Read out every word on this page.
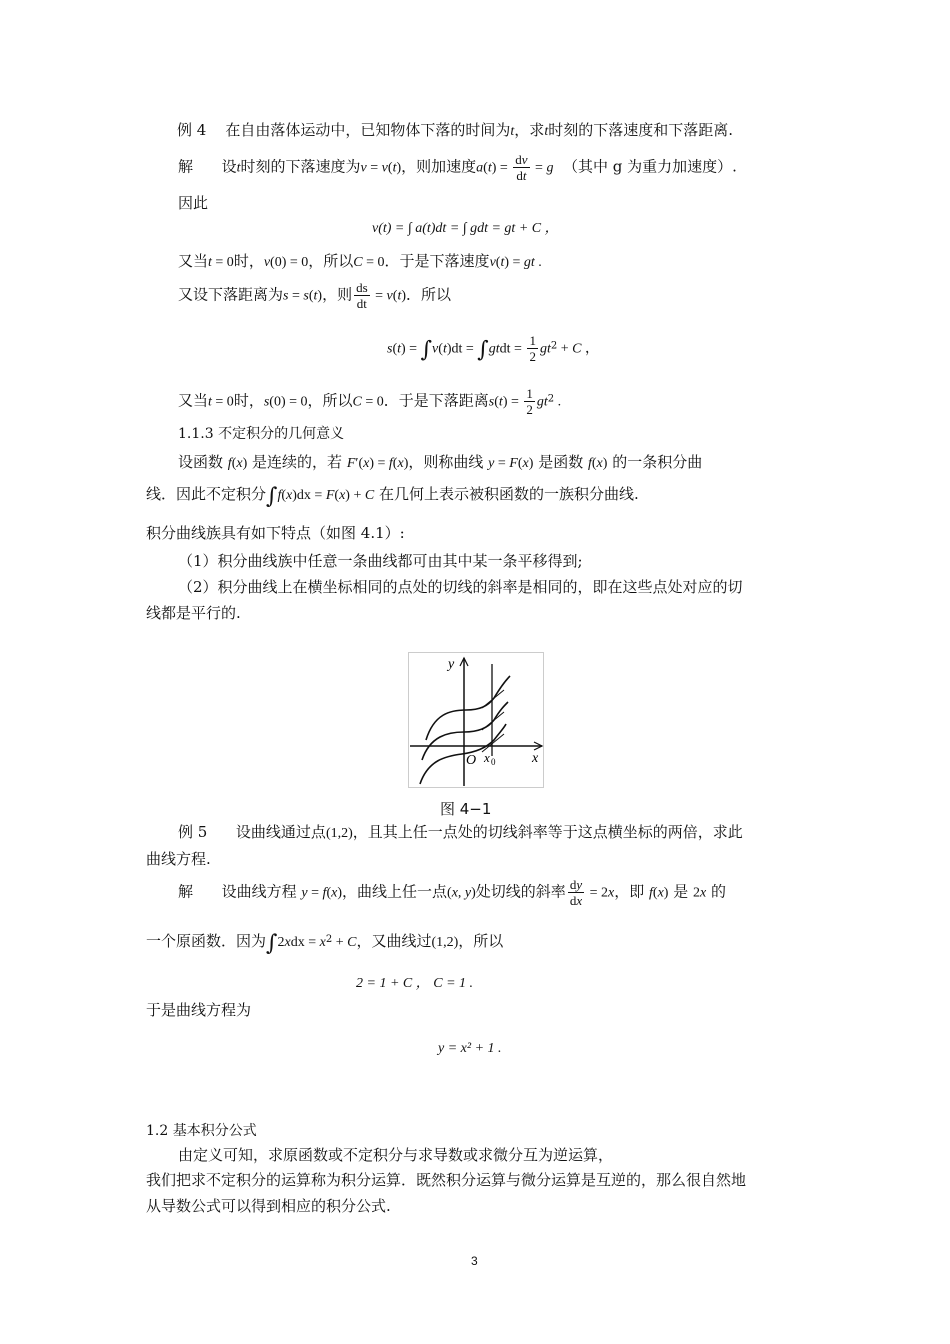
例 4 在自由落体运动中，已知物体下落的时间为t，求t时刻的下落速度和下落距离.
解 设t时刻的下落速度为v = v(t)，则加速度$a(t) = \frac{dv}{dt} = g$ （其中 g 为重力加速度）.
因此
v(t) = ∫ a(t)dt = ∫ gdt = gt + C ，
又当t = 0时，v(0) = 0，所以C = 0．于是下落速度v(t) = gt .
又设下落距离为s = s(t)，则 $\frac{ds}{dt} = v(t)$．所以
s(t) = ∫v(t)dt = ∫gtdt = $\frac{1}{2} gt^2 + C$ ，
又当t = 0时，s(0) = 0，所以C = 0．于是下落距离$s(t) = \frac{1}{2} gt^2$ .
1.1.3 不定积分的几何意义
设函数 f(x) 是连续的，若 F′(x) = f(x)，则称曲线 y = F(x) 是函数 f(x) 的一条积分曲
线．因此不定积分∫f(x)dx = F(x) + C 在几何上表示被积函数的一族积分曲线.
积分曲线族具有如下特点（如图 4.1）:
（1）积分曲线族中任意一条曲线都可由其中某一条平移得到;
（2）积分曲线上在横坐标相同的点处的切线的斜率是相同的，即在这些点处对应的切
线都是平行的.
y
x
O x 0
图 4−1
例 5 设曲线通过点(1,2)，且其上任一点处的切线斜率等于这点横坐标的两倍，求此
曲线方程.
解 设曲线方程 y = f(x)，曲线上任一点(x, y)处切线的斜率 $\frac{dy}{dx} = 2x$，即 f(x) 是 2x 的
一个原函数．因为$\int 2xdx = x^2 + C$，又曲线过(1,2)，所以
2 = 1 + C ， C = 1 .
于是曲线方程为
y = x² + 1 .
1.2 基本积分公式
由定义可知，求原函数或不定积分与求导数或求微分互为逆运算，
我们把求不定积分的运算称为积分运算．既然积分运算与微分运算是互逆的，那么很自然地
从导数公式可以得到相应的积分公式.
3
